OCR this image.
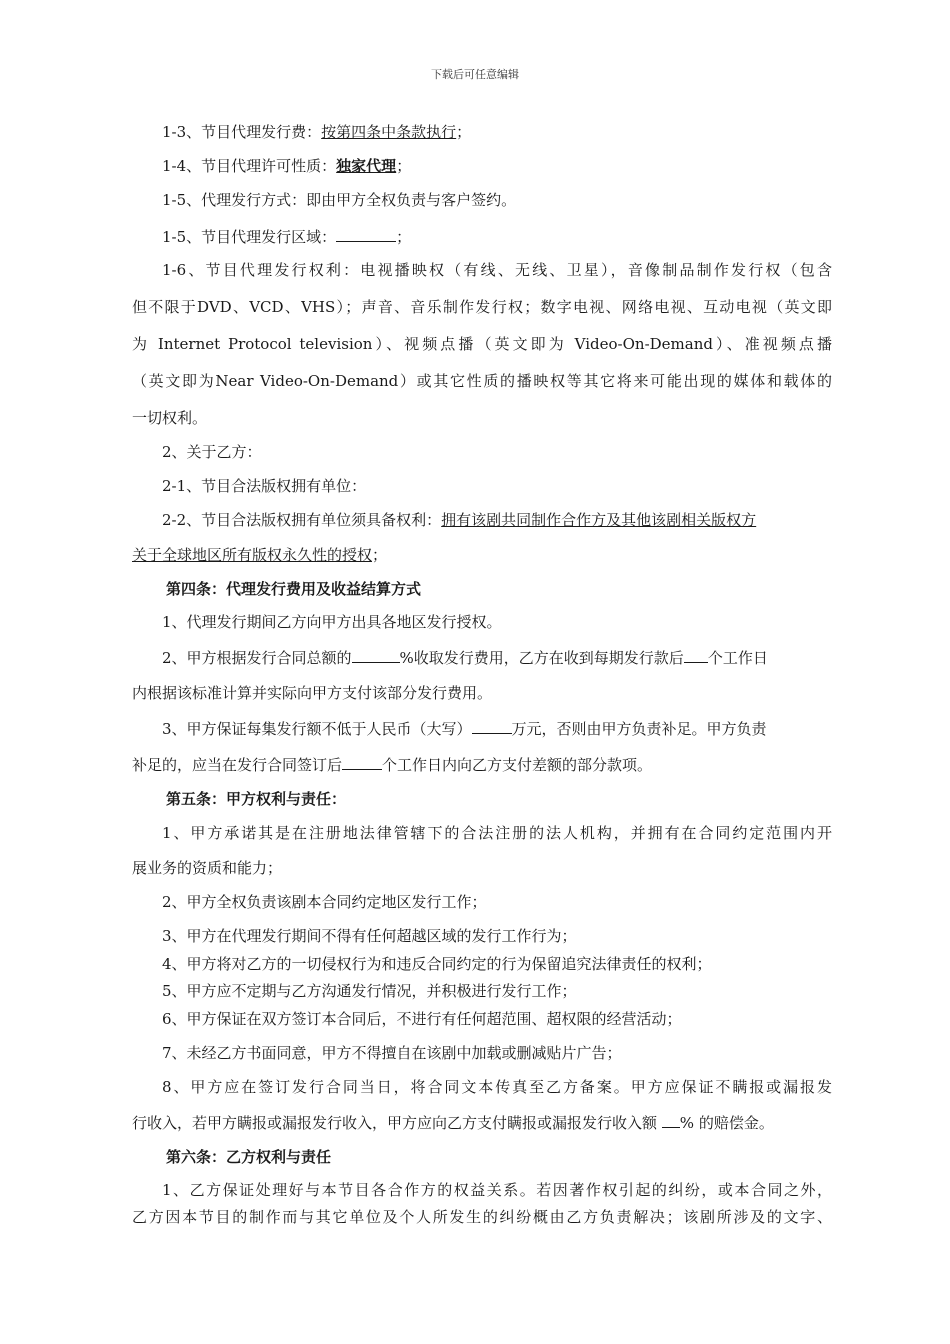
下载后可任意编辑
1-3、节目代理发行费：按第四条中条款执行；
1-4、节目代理许可性质：独家代理；
1-5、代理发行方式：即由甲方全权负责与客户签约。
1-5、节目代理发行区域：	；
1-6、节目代理发行权利：电视播映权（有线、无线、卫星），音像制品制作发行权（包含
但不限于DVD、VCD、VHS）；声音、音乐制作发行权；数字电视、网络电视、互动电视（英文即
为 Internet Protocol television）、视频点播（英文即为 Video-On-Demand）、准视频点播
（英文即为Near Video-On-Demand）或其它性质的播映权等其它将来可能出现的媒体和载体的
一切权利。
2、关于乙方：
2-1、节目合法版权拥有单位：
2-2、节目合法版权拥有单位须具备权利：拥有该剧共同制作合作方及其他该剧相关版权方
关于全球地区所有版权永久性的授权；
第四条：代理发行费用及收益结算方式
1、代理发行期间乙方向甲方出具各地区发行授权。
2、甲方根据发行合同总额的	%收取发行费用，乙方在收到每期发行款后 个工作日
内根据该标准计算并实际向甲方支付该部分发行费用。
3、甲方保证每集发行额不低于人民币（大写）	万元，否则由甲方负责补足。甲方负责
补足的，应当在发行合同签订后	个工作日内向乙方支付差额的部分款项。
第五条：甲方权利与责任：
1、甲方承诺其是在注册地法律管辖下的合法注册的法人机构，并拥有在合同约定范围内开
展业务的资质和能力；
2、甲方全权负责该剧本合同约定地区发行工作；
3、甲方在代理发行期间不得有任何超越区域的发行工作行为；
4、甲方将对乙方的一切侵权行为和违反合同约定的行为保留追究法律责任的权利；
5、甲方应不定期与乙方沟通发行情况，并积极进行发行工作；
6、甲方保证在双方签订本合同后，不进行有任何超范围、超权限的经营活动；
7、未经乙方书面同意，甲方不得擅自在该剧中加载或删减贴片广告；
8、甲方应在签订发行合同当日，将合同文本传真至乙方备案。甲方应保证不瞒报或漏报发
行收入，若甲方瞒报或漏报发行收入，甲方应向乙方支付瞒报或漏报发行收入额 % 的赔偿金。
第六条：乙方权利与责任
1、乙方保证处理好与本节目各合作方的权益关系。若因著作权引起的纠纷，或本合同之外，
乙方因本节目的制作而与其它单位及个人所发生的纠纷概由乙方负责解决；该剧所涉及的文字、
